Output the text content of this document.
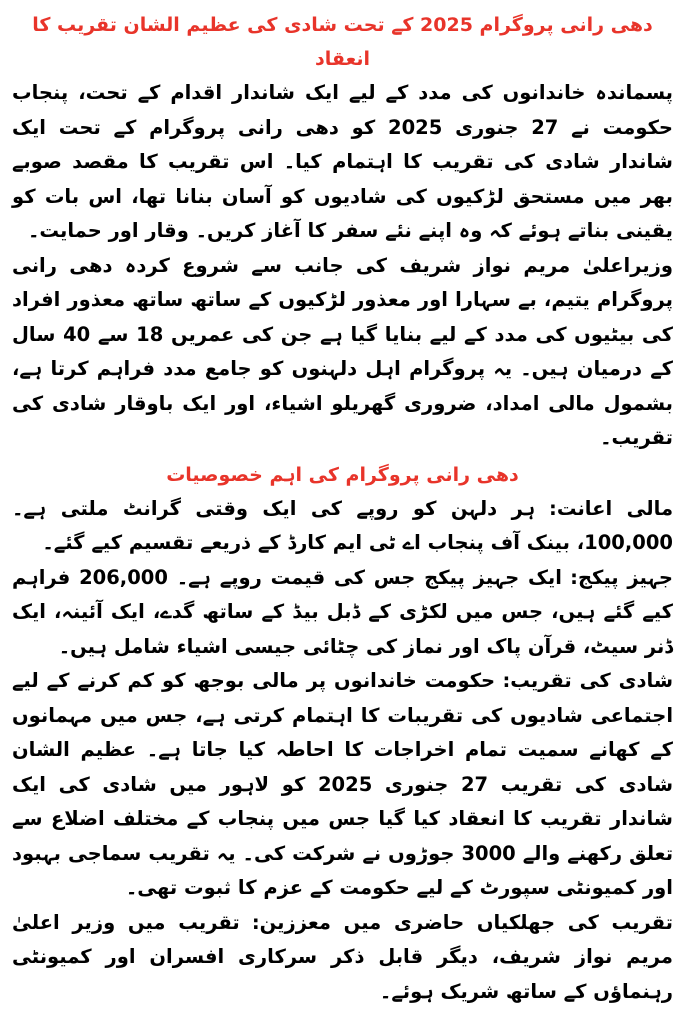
دھی رانی پروگرام 2025 کے تحت شادی کی عظیم الشان تقریب کا انعقاد

پسماندہ خاندانوں کی مدد کے لیے ایک شاندار اقدام کے تحت، پنجاب حکومت نے 27 جنوری 2025 کو دھی رانی پروگرام کے تحت ایک شاندار شادی کی تقریب کا اہتمام کیا۔ اس تقریب کا مقصد صوبے بھر میں مستحق لڑکیوں کی شادیوں کو آسان بنانا تھا، اس بات کو یقینی بناتے ہوئے کہ وہ اپنے نئے سفر کا آغاز کریں۔ وقار اور حمایت۔

وزیراعلیٰ مریم نواز شریف کی جانب سے شروع کردہ دھی رانی پروگرام یتیم، بے سہارا اور معذور لڑکیوں کے ساتھ ساتھ معذور افراد کی بیٹیوں کی مدد کے لیے بنایا گیا ہے جن کی عمریں 18 سے 40 سال کے درمیان ہیں۔ یہ پروگرام اہل دلہنوں کو جامع مدد فراہم کرتا ہے، بشمول مالی امداد، ضروری گھریلو اشیاء، اور ایک باوقار شادی کی تقریب۔

دھی رانی پروگرام کی اہم خصوصیات

مالی اعانت: ہر دلہن کو روپے کی ایک وقتی گرانٹ ملتی ہے۔ 100,000، بینک آف پنجاب اے ٹی ایم کارڈ کے ذریعے تقسیم کیے گئے۔

جہیز پیکج: ایک جہیز پیکج جس کی قیمت روپے ہے۔ 206,000 فراہم کیے گئے ہیں، جس میں لکڑی کے ڈبل بیڈ کے ساتھ گدے، ایک آئینہ، ایک ڈنر سیٹ، قرآن پاک اور نماز کی چٹائی جیسی اشیاء شامل ہیں۔

شادی کی تقریب: حکومت خاندانوں پر مالی بوجھ کو کم کرنے کے لیے اجتماعی شادیوں کی تقریبات کا اہتمام کرتی ہے، جس میں مہمانوں کے کھانے سمیت تمام اخراجات کا احاطہ کیا جاتا ہے۔ عظیم الشان شادی کی تقریب 27 جنوری 2025 کو لاہور میں شادی کی ایک شاندار تقریب کا انعقاد کیا گیا جس میں پنجاب کے مختلف اضلاع سے تعلق رکھنے والے 3000 جوڑوں نے شرکت کی۔ یہ تقریب سماجی بہبود اور کمیونٹی سپورٹ کے لیے حکومت کے عزم کا ثبوت تھی۔

تقریب کی جھلکیاں حاضری میں معززین: تقریب میں وزیر اعلیٰ مریم نواز شریف، دیگر قابل ذکر سرکاری افسران اور کمیونٹی رہنماؤں کے ساتھ شریک ہوئے۔
